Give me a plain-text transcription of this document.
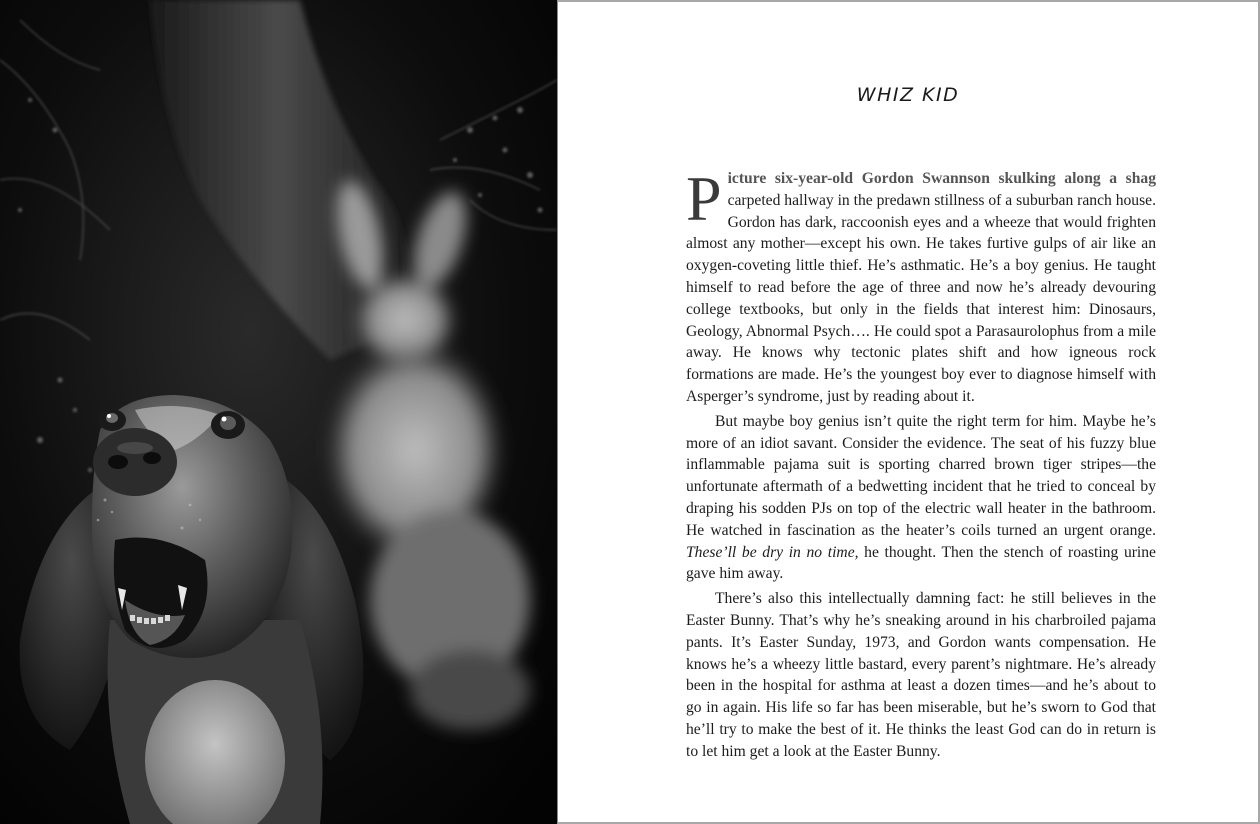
WHIZ KID

Picture six-year-old Gordon Swannson skulking along a shag carpeted hallway in the predawn stillness of a suburban ranch house. Gordon has dark, raccoonish eyes and a wheeze that would frighten almost any mother—except his own. He takes furtive gulps of air like an oxygen-coveting little thief. He’s asthmatic. He’s a boy genius. He taught himself to read before the age of three and now he’s already devouring college textbooks, but only in the fields that interest him: Dinosaurs, Geology, Abnormal Psych…. He could spot a Parasaurolophus from a mile away. He knows why tectonic plates shift and how igneous rock formations are made. He’s the youngest boy ever to diagnose himself with Asperger’s syndrome, just by reading about it.

But maybe boy genius isn’t quite the right term for him. Maybe he’s more of an idiot savant. Consider the evidence. The seat of his fuzzy blue inflammable pajama suit is sporting charred brown tiger stripes—the unfortunate aftermath of a bedwetting incident that he tried to conceal by draping his sodden PJs on top of the electric wall heater in the bathroom. He watched in fascination as the heater’s coils turned an urgent orange. These’ll be dry in no time, he thought. Then the stench of roasting urine gave him away.

There’s also this intellectually damning fact: he still believes in the Easter Bunny. That’s why he’s sneaking around in his charbroiled pajama pants. It’s Easter Sunday, 1973, and Gordon wants compensation. He knows he’s a wheezy little bastard, every parent’s nightmare. He’s already been in the hospital for asthma at least a dozen times—and he’s about to go in again. His life so far has been miserable, but he’s sworn to God that he’ll try to make the best of it. He thinks the least God can do in return is to let him get a look at the Easter Bunny.
